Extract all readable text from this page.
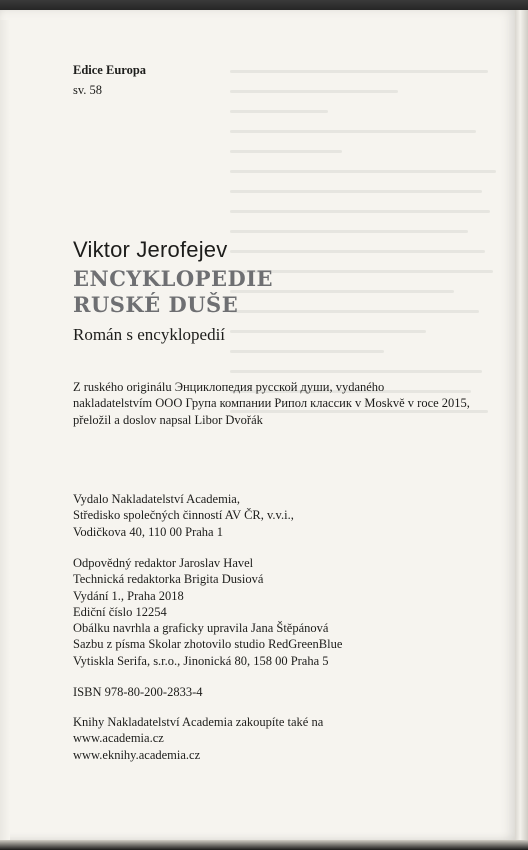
Edice Europa
sv. 58
Viktor Jerofejev
ENCYKLOPEDIE
RUSKÉ DUŠE
Román s encyklopedií
Z ruského originálu Энциклопедия русской души, vydaného
nakladatelstvím ООО Група компании Рипол классик v Moskvě v roce 2015,
přeložil a doslov napsal Libor Dvořák
Vydalo Nakladatelství Academia,
Středisko společných činností AV ČR, v.v.i.,
Vodičkova 40, 110 00 Praha 1
Odpovědný redaktor Jaroslav Havel
Technická redaktorka Brigita Dusiová
Vydání 1., Praha 2018
Ediční číslo 12254
Obálku navrhla a graficky upravila Jana Štěpánová
Sazbu z písma Skolar zhotovilo studio RedGreenBlue
Vytiskla Serifa, s.r.o., Jinonická 80, 158 00 Praha 5
ISBN 978-80-200-2833-4
Knihy Nakladatelství Academia zakoupíte také na
www.academia.cz
www.eknihy.academia.cz
